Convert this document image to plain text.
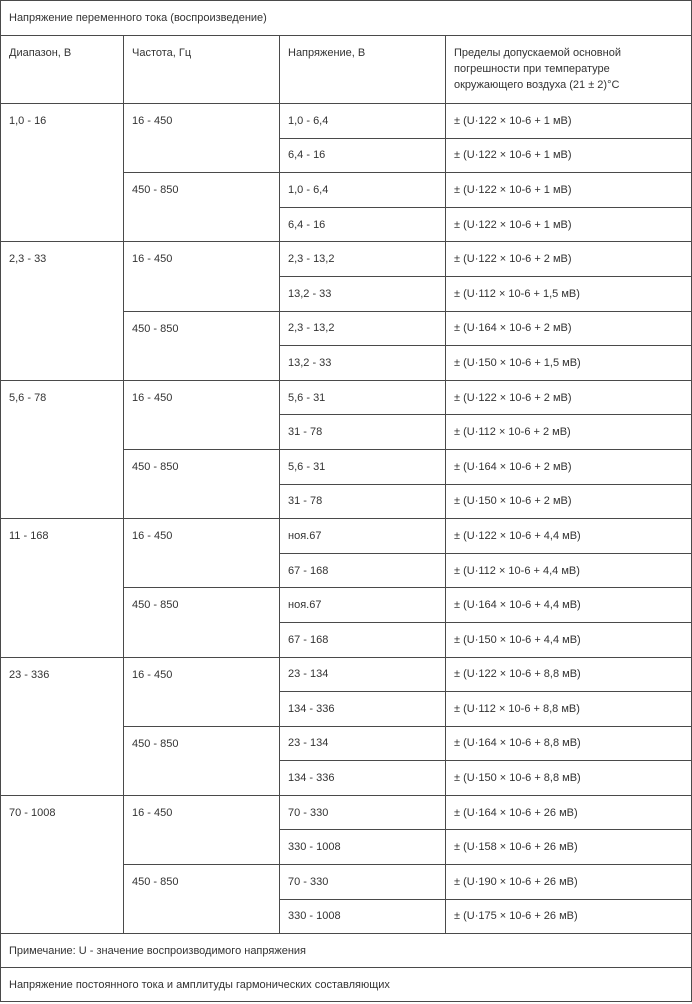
Напряжение переменного тока (воспроизведение)			
Диапазон, В	Частота, Гц	Напряжение, В	Пределы допускаемой основной
погрешности при температуре
окружающего воздуха (21 ± 2)°С
1,0 - 16	16 - 450	1,0 - 6,4	± (U·122 × 10-6 + 1 мВ)
		6,4 - 16	± (U·122 × 10-6 + 1 мВ)
	450 - 850	1,0 - 6,4	± (U·122 × 10-6 + 1 мВ)
		6,4 - 16	± (U·122 × 10-6 + 1 мВ)
2,3 - 33	16 - 450	2,3 - 13,2	± (U·122 × 10-6 + 2 мВ)
		13,2 - 33	± (U·112 × 10-6 + 1,5 мВ)
	450 - 850	2,3 - 13,2	± (U·164 × 10-6 + 2 мВ)
		13,2 - 33	± (U·150 × 10-6 + 1,5 мВ)
5,6 - 78	16 - 450	5,6 - 31	± (U·122 × 10-6 + 2 мВ)
		31 - 78	± (U·112 × 10-6 + 2 мВ)
	450 - 850	5,6 - 31	± (U·164 × 10-6 + 2 мВ)
		31 - 78	± (U·150 × 10-6 + 2 мВ)
11 - 168	16 - 450	ноя.67	± (U·122 × 10-6 + 4,4 мВ)
		67 - 168	± (U·112 × 10-6 + 4,4 мВ)
	450 - 850	ноя.67	± (U·164 × 10-6 + 4,4 мВ)
		67 - 168	± (U·150 × 10-6 + 4,4 мВ)
23 - 336	16 - 450	23 - 134	± (U·122 × 10-6 + 8,8 мВ)
		134 - 336	± (U·112 × 10-6 + 8,8 мВ)
	450 - 850	23 - 134	± (U·164 × 10-6 + 8,8 мВ)
		134 - 336	± (U·150 × 10-6 + 8,8 мВ)
70 - 1008	16 - 450	70 - 330	± (U·164 × 10-6 + 26 мВ)
		330 - 1008	± (U·158 × 10-6 + 26 мВ)
	450 - 850	70 - 330	± (U·190 × 10-6 + 26 мВ)
		330 - 1008	± (U·175 × 10-6 + 26 мВ)
Примечание: U - значение воспроизводимого напряжения			
Напряжение постоянного тока и амплитуды гармонических составляющих			
